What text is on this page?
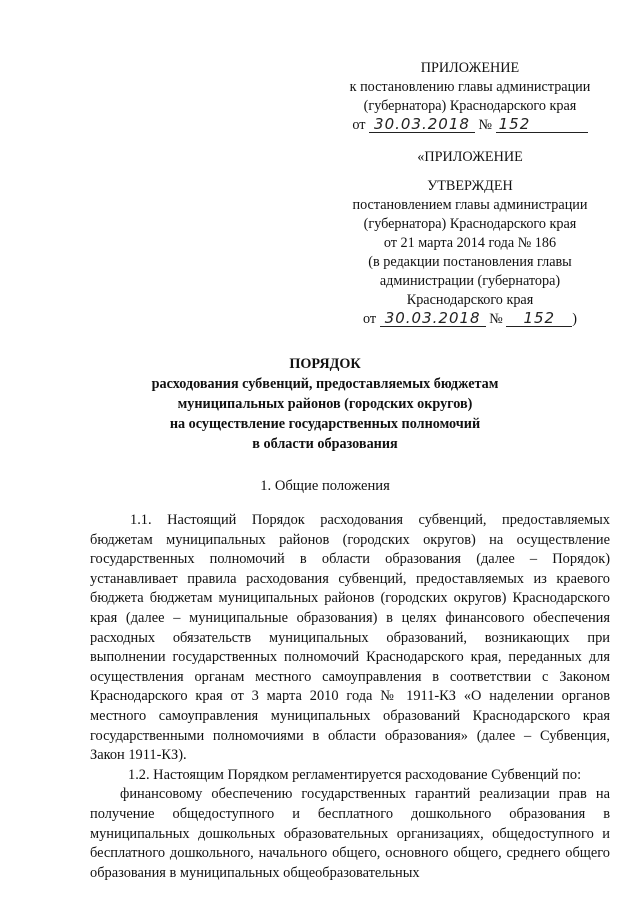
ПРИЛОЖЕНИЕ
к постановлению главы администрации
(губернатора) Краснодарского края
от 30.03.2018 № 152
«ПРИЛОЖЕНИЕ
УТВЕРЖДЕН
постановлением главы администрации
(губернатора) Краснодарского края
от 21 марта 2014 года № 186
(в редакции постановления главы
администрации (губернатора)
Краснодарского края
от 30.03.2018 № 152 )
ПОРЯДОК
расходования субвенций, предоставляемых бюджетам
муниципальных районов (городских округов)
на осуществление государственных полномочий
в области образования
1. Общие положения

1.1. Настоящий Порядок расходования субвенций, предоставляемых бюджетам муниципальных районов (городских округов) на осуществление государственных полномочий в области образования (далее – Порядок) устанавливает правила расходования субвенций, предоставляемых из краевого бюджета бюджетам муниципальных районов (городских округов) Краснодарского края (далее – муниципальные образования) в целях финансового обеспечения расходных обязательств муниципальных образований, возникающих при выполнении государственных полномочий Краснодарского края, переданных для осуществления органам местного самоуправления в соответствии с Законом Краснодарского края от 3 марта 2010 года № 1911-КЗ «О наделении органов местного самоуправления муниципальных образований Краснодарского края государственными полномочиями в области образования» (далее – Субвенция, Закон 1911-КЗ).

1.2. Настоящим Порядком регламентируется расходование Субвенций по:

финансовому обеспечению государственных гарантий реализации прав на получение общедоступного и бесплатного дошкольного образования в муниципальных дошкольных образовательных организациях, общедоступного и бесплатного дошкольного, начального общего, основного общего, среднего общего образования в муниципальных общеобразовательных
